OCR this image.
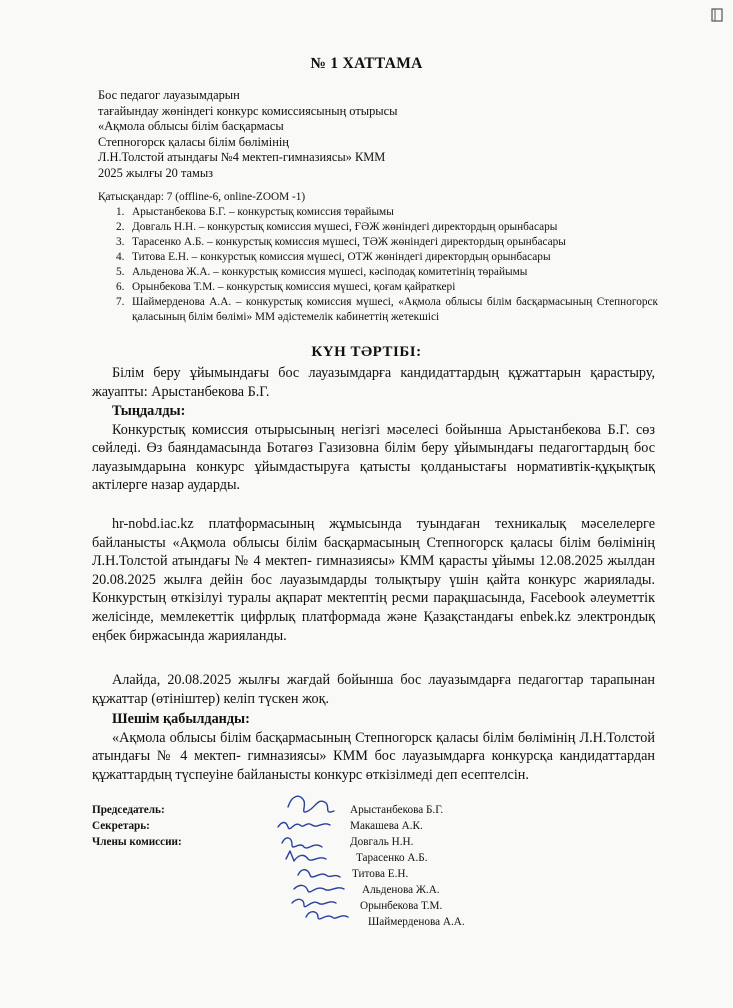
№ 1 ХАТТАМА
Бос педагог лауазымдарын
тағайындау жөніндегі конкурс комиссиясының отырысы
«Ақмола облысы білім басқармасы
Степногорск қаласы білім бөлімінің
Л.Н.Толстой атындағы №4 мектеп-гимназиясы» КММ
2025 жылғы 20 тамыз
Қатысқандар: 7 (offline-6, online-ZOOM -1)
1. Арыстанбекова Б.Г. – конкурстық комиссия төрайымы
2. Довгаль Н.Н. – конкурстық комиссия мүшесі, ҒӘЖ жөніндегі директордың орынбасары
3. Тарасенко А.Б. – конкурстық комиссия мүшесі, ТӘЖ жөніндегі директордың орынбасары
4. Титова Е.Н. – конкурстық комиссия мүшесі, ОТЖ жөніндегі директордың орынбасары
5. Альденова Ж.А. – конкурстық комиссия мүшесі, кәсіподақ комитетінің төрайымы
6. Орынбекова Т.М. – конкурстық комиссия мүшесі, қоғам қайраткері
7. Шаймерденова А.А. – конкурстық комиссия мүшесі, «Ақмола облысы білім басқармасының Степногорск қаласының білім бөлімі» ММ әдістемелік кабинеттің жетекшісі
КҮН ТӘРТІБІ:

Білім беру ұйымындағы бос лауазымдарға кандидаттардың құжаттарын қарастыру, жауапты: Арыстанбекова Б.Г.

Тыңдалды:

Конкурстық комиссия отырысының негізгі мәселесі бойынша Арыстанбекова Б.Г. сөз сөйледі. Өз баяндамасында Ботагөз Газизовна білім беру ұйымындағы педагогтардың бос лауазымдарына конкурс ұйымдастыруға қатысты қолданыстағы нормативтік-құқықтық актілерге назар аударды.

hr-nobd.iac.kz платформасының жұмысында туындаған техникалық мәселелерге байланысты «Ақмола облысы білім басқармасының Степногорск қаласы білім бөлімінің Л.Н.Толстой атындағы № 4 мектеп- гимназиясы» КММ қарасты ұйымы 12.08.2025 жылдан 20.08.2025 жылға дейін бос лауазымдарды толықтыру үшін қайта конкурс жариялады. Конкурстың өткізілуі туралы ақпарат мектептің ресми парақшасында, Facebook әлеуметтік желісінде, мемлекеттік цифрлық платформада және Қазақстандағы enbek.kz электрондық еңбек биржасында жарияланды.

Алайда, 20.08.2025 жылғы жағдай бойынша бос лауазымдарға педагогтар тарапынан құжаттар (өтініштер) келіп түскен жоқ.

Шешім қабылданды:

«Ақмола облысы білім басқармасының Степногорск қаласы білім бөлімінің Л.Н.Толстой атындағы № 4 мектеп- гимназиясы» КММ бос лауазымдарға конкурсқа кандидаттардан құжаттардың түспеуіне байланысты конкурс өткізілмеді деп есептелсін.

Председатель:
Секретарь:
Члены комиссии:
Арыстанбекова Б.Г.
Макашева А.К.
Довгаль Н.Н.
Тарасенко А.Б.
Титова Е.Н.
Альденова Ж.А.
Орынбекова Т.М.
Шаймерденова А.А.
